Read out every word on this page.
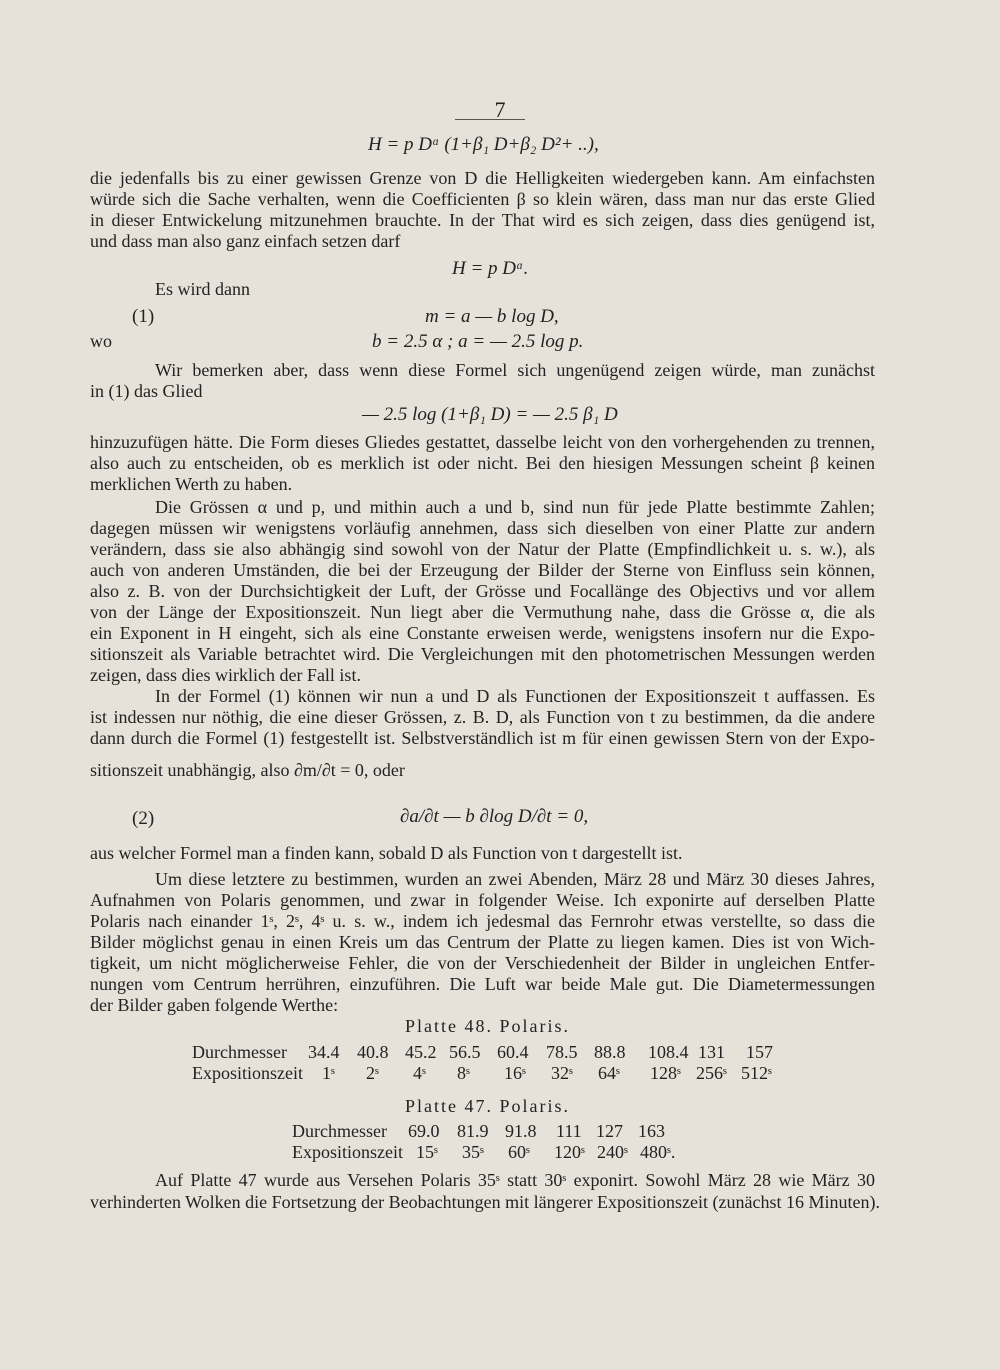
7
H = p Dᵅ (1+β₁ D+β₂ D²+ ..),
die jedenfalls bis zu einer gewissen Grenze von D die Helligkeiten wiedergeben kann. Am einfachsten
würde sich die Sache verhalten, wenn die Coefficienten β so klein wären, dass man nur das erste Glied
in dieser Entwickelung mitzunehmen brauchte. In der That wird es sich zeigen, dass dies genügend ist,
und dass man also ganz einfach setzen darf
H = p Dᵅ.
Es wird dann
(1)	m = a — b log D,
wo	b = 2.5 α ; a = — 2.5 log p.
Wir bemerken aber, dass wenn diese Formel sich ungenügend zeigen würde, man zunächst
in (1) das Glied
— 2.5 log (1+β₁ D) = — 2.5 β₁ D
hinzuzufügen hätte. Die Form dieses Gliedes gestattet, dasselbe leicht von den vorhergehenden zu trennen,
also auch zu entscheiden, ob es merklich ist oder nicht. Bei den hiesigen Messungen scheint β keinen
merklichen Werth zu haben.
Die Grössen α und p, und mithin auch a und b, sind nun für jede Platte bestimmte Zahlen;
dagegen müssen wir wenigstens vorläufig annehmen, dass sich dieselben von einer Platte zur andern
verändern, dass sie also abhängig sind sowohl von der Natur der Platte (Empfindlichkeit u. s. w.), als
auch von anderen Umständen, die bei der Erzeugung der Bilder der Sterne von Einfluss sein können,
also z. B. von der Durchsichtigkeit der Luft, der Grösse und Focallänge des Objectivs und vor allem
von der Länge der Expositionszeit. Nun liegt aber die Vermuthung nahe, dass die Grösse α, die als
ein Exponent in H eingeht, sich als eine Constante erweisen werde, wenigstens insofern nur die Expo-
sitionszeit als Variable betrachtet wird. Die Vergleichungen mit den photometrischen Messungen werden
zeigen, dass dies wirklich der Fall ist.
In der Formel (1) können wir nun a und D als Functionen der Expositionszeit t auffassen. Es
ist indessen nur nöthig, die eine dieser Grössen, z. B. D, als Function von t zu bestimmen, da die andere
dann durch die Formel (1) festgestellt ist. Selbstverständlich ist m für einen gewissen Stern von der Expo-
sitionszeit unabhängig, also ∂m/∂t = 0, oder
(2)	∂a/∂t — b ∂log D/∂t = 0,
aus welcher Formel man a finden kann, sobald D als Function von t dargestellt ist.
Um diese letztere zu bestimmen, wurden an zwei Abenden, März 28 und März 30 dieses Jahres,
Aufnahmen von Polaris genommen, und zwar in folgender Weise. Ich exponirte auf derselben Platte
Polaris nach einander 1ˢ, 2ˢ, 4ˢ u. s. w., indem ich jedesmal das Fernrohr etwas verstellte, so dass die
Bilder möglichst genau in einen Kreis um das Centrum der Platte zu liegen kamen. Dies ist von Wich-
tigkeit, um nicht möglicherweise Fehler, die von der Verschiedenheit der Bilder in ungleichen Entfer-
nungen vom Centrum herrühren, einzuführen. Die Luft war beide Male gut. Die Diametermessungen
der Bilder gaben folgende Werthe:
Platte 48. Polaris.
Durchmesser 34.4 40.8 45.2 56.5 60.4 78.5 88.8 108.4 131 157
Expositionszeit 1ˢ 2ˢ 4ˢ 8ˢ 16ˢ 32ˢ 64ˢ 128ˢ 256ˢ 512ˢ
Platte 47. Polaris.
Durchmesser 69.0 81.9 91.8 111 127 163
Expositionszeit 15ˢ 35ˢ 60ˢ 120ˢ 240ˢ 480ˢ.
Auf Platte 47 wurde aus Versehen Polaris 35ˢ statt 30ˢ exponirt. Sowohl März 28 wie März 30
verhinderten Wolken die Fortsetzung der Beobachtungen mit längerer Expositionszeit (zunächst 16 Minuten).
